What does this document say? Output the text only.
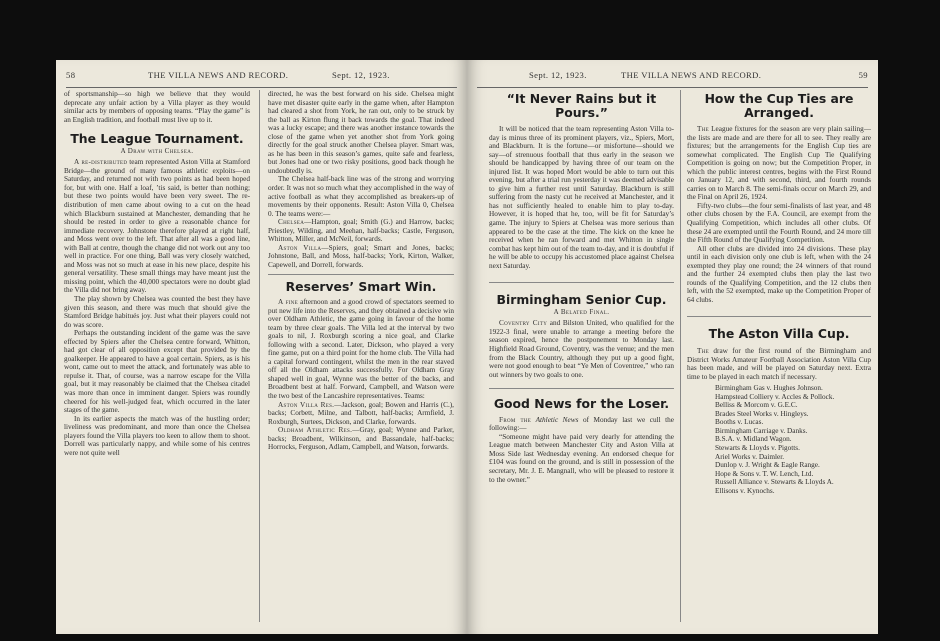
58	THE VILLA NEWS AND RECORD.	Sept. 12, 1923.

of sportsmanship—so high we believe that they would deprecate any unfair action by a Villa player as they would similar acts by members of opposing teams. “Play the game” is an English tradition, and football must live up to it.

The League Tournament.
A Draw with Chelsea.

A re-distributed team represented Aston Villa at Stamford Bridge—the ground of many famous athletic exploits—on Saturday, and returned not with two points as had been hoped for, but with one. Half a loaf, ’tis said, is better than nothing; but these two points would have been very sweet. The re-distribution of men came about owing to a cut on the head which Blackburn sustained at Manchester, demanding that he should be rested in order to give a reasonable chance for immediate recovery. Johnstone therefore played at right half, and Moss went over to the left. That after all was a good line, with Ball at centre, though the change did not work out any too well in practice. For one thing, Ball was very closely watched, and Moss was not so much at ease in his new place, despite his general versatility. These small things may have meant just the missing point, which the 40,000 spectators were no doubt glad the Villa did not bring away.

The play shown by Chelsea was counted the best they have given this season, and there was much that should give the Stamford Bridge habitués joy. Just what their players could not do was score.

Perhaps the outstanding incident of the game was the save effected by Spiers after the Chelsea centre forward, Whitton, had got clear of all opposition except that provided by the goalkeeper. He appeared to have a goal certain. Spiers, as is his wont, came out to meet the attack, and fortunately was able to repulse it. That, of course, was a narrow escape for the Villa goal, but it may reasonably be claimed that the Chelsea citadel was more than once in imminent danger. Spiers was roundly cheered for his well-judged feat, which occurred in the later stages of the game.

In its earlier aspects the match was of the hustling order; liveliness was predominant, and more than once the Chelsea players found the Villa players too keen to allow them to shoot. Dorrell was particularly nappy, and while some of his centres were not quite well

directed, he was the best forward on his side. Chelsea might have met disaster quite early in the game when, after Hampton had cleared a shot from York, he ran out, only to be struck by the ball as Kirton flung it back towards the goal. That indeed was a lucky escape; and there was another instance towards the close of the game when yet another shot from York going directly for the goal struck another Chelsea player. Smart was, as he has been in this season’s games, quite safe and fearless, but Jones had one or two risky positions, good back though he undoubtedly is.

The Chelsea half-back line was of the strong and worrying order. It was not so much what they accomplished in the way of active football as what they accomplished as breakers-up of movements by their opponents. Result: Aston Villa 0, Chelsea 0. The teams were:—

Chelsea—Hampton, goal; Smith (G.) and Harrow, backs; Priestley, Wilding, and Meehan, half-backs; Castle, Ferguson, Whitton, Miller, and McNeil, forwards.

Aston Villa—Spiers, goal; Smart and Jones, backs; Johnstone, Ball, and Moss, half-backs; York, Kirton, Walker, Capewell, and Dorrell, forwards.

Reserves’ Smart Win.

A fine afternoon and a good crowd of spectators seemed to put new life into the Reserves, and they obtained a decisive win over Oldham Athletic, the game going in favour of the home team by three clear goals. The Villa led at the interval by two goals to nil, J. Roxburgh scoring a nice goal, and Clarke following with a second. Later, Dickson, who played a very fine game, put on a third point for the home club. The Villa had a capital forward contingent, whilst the men in the rear staved off all the Oldham attacks successfully. For Oldham Gray shaped well in goal, Wynne was the better of the backs, and Broadbent best at half. Forward, Campbell, and Watson were the two best of the Lancashire representatives. Teams:

Aston Villa Res.—Jackson, goal; Bowen and Harris (C.), backs; Corbett, Milne, and Talbott, half-backs; Armfield, J. Roxburgh, Surtees, Dickson, and Clarke, forwards.

Oldham Athletic Res.—Gray, goal; Wynne and Parker, backs; Broadbent, Wilkinson, and Bassandale, half-backs; Horrocks, Ferguson, Adlam, Campbell, and Watson, forwards.

Sept. 12, 1923.	THE VILLA NEWS AND RECORD.	59
“It Never Rains but it Pours.”

It will be noticed that the team representing Aston Villa to-day is minus three of its prominent players, viz., Spiers, Mort, and Blackburn. It is the fortune—or misfortune—should we say—of strenuous football that thus early in the season we should be handicapped by having three of our team on the injured list. It was hoped Mort would be able to turn out this evening, but after a trial run yesterday it was deemed advisable to give him a further rest until Saturday. Blackburn is still suffering from the nasty cut he received at Manchester, and it has not sufficiently healed to enable him to play to-day. However, it is hoped that he, too, will be fit for Saturday’s game. The injury to Spiers at Chelsea was more serious than appeared to be the case at the time. The kick on the knee he received when he ran forward and met Whitton in single combat has kept him out of the team to-day, and it is doubtful if he will be able to occupy his accustomed place against Chelsea next Saturday.

Birmingham Senior Cup.
A Belated Final.

Coventry City and Bilston United, who qualified for the 1922-3 final, were unable to arrange a meeting before the season expired, hence the postponement to Monday last. Highfield Road Ground, Coventry, was the venue; and the men from the Black Country, although they put up a good fight, were not good enough to beat “Ye Men of Coventree,” who ran out winners by two goals to one.

Good News for the Loser.

From the Athletic News of Monday last we cull the following:—

“Someone might have paid very dearly for attending the League match between Manchester City and Aston Villa at Moss Side last Wednesday evening. An endorsed cheque for £104 was found on the ground, and is still in possession of the secretary, Mr. J. E. Mangnall, who will be pleased to restore it to the owner.”

How the Cup Ties are Arranged.

The League fixtures for the season are very plain sailing—the lists are made and are there for all to see. They really are fixtures; but the arrangements for the English Cup ties are somewhat complicated. The English Cup Tie Qualifying Competition is going on now; but the Competition Proper, in which the public interest centres, begins with the First Round on January 12, and with second, third, and fourth rounds carries on to March 8. The semi-finals occur on March 29, and the Final on April 26, 1924.

Fifty-two clubs—the four semi-finalists of last year, and 48 other clubs chosen by the F.A. Council, are exempt from the Qualifying Competition, which includes all other clubs. Of these 24 are exempted until the Fourth Round, and 24 more till the Fifth Round of the Qualifying Competition.

All other clubs are divided into 24 divisions. These play until in each division only one club is left, when with the 24 exempted they play one round; the 24 winners of that round and the further 24 exempted clubs then play the last two rounds of the Qualifying Competition, and the 12 clubs then left, with the 52 exempted, make up the Competition Proper of 64 clubs.

The Aston Villa Cup.

The draw for the first round of the Birmingham and District Works Amateur Football Association Aston Villa Cup has been made, and will be played on Saturday next. Extra time to be played in each match if necessary.

Birmingham Gas v. Hughes Johnson.
Hampstead Colliery v. Accles & Pollock.
Belliss & Morcom v. G.E.C.
Brades Steel Works v. Hingleys.
Booths v. Lucas.
Birmingham Carriage v. Danks.
B.S.A. v. Midland Wagon.
Stewarts & Lloyds v. Pigotts.
Ariel Works v. Daimler.
Dunlop v. J. Wright & Eagle Range.
Hope & Sons v. T. W. Lench, Ltd.
Russell Alliance v. Stewarts & Lloyds A.
Ellisons v. Kynochs.
